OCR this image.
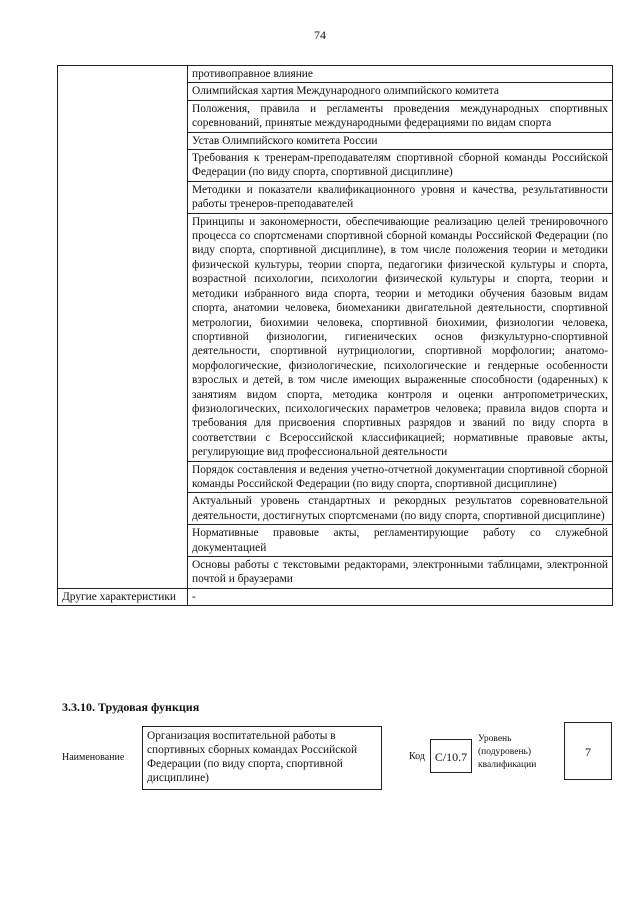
74
	противоправное влияние
	Олимпийская хартия Международного олимпийского комитета
	Положения, правила и регламенты проведения международных спортивных соревнований, принятые международными федерациями по видам спорта
	Устав Олимпийского комитета России
	Требования к тренерам-преподавателям спортивной сборной команды Российской Федерации (по виду спорта, спортивной дисциплине)
	Методики и показатели квалификационного уровня и качества, результативности работы тренеров-преподавателей
	Принципы и закономерности, обеспечивающие реализацию целей тренировочного процесса со спортсменами спортивной сборной команды Российской Федерации (по виду спорта, спортивной дисциплине), в том числе положения теории и методики физической культуры, теории спорта, педагогики физической культуры и спорта, возрастной психологии, психологии физической культуры и спорта, теории и методики избранного вида спорта, теории и методики обучения базовым видам спорта, анатомии человека, биомеханики двигательной деятельности, спортивной метрологии, биохимии человека, спортивной биохимии, физиологии человека, спортивной физиологии, гигиенических основ физкультурно-спортивной деятельности, спортивной нутрициологии, спортивной морфологии; анатомо-морфологические, физиологические, психологические и гендерные особенности взрослых и детей, в том числе имеющих выраженные способности (одаренных) к занятиям видом спорта, методика контроля и оценки антропометрических, физиологических, психологических параметров человека; правила видов спорта и требования для присвоения спортивных разрядов и званий по виду спорта в соответствии с Всероссийской классификацией; нормативные правовые акты, регулирующие вид профессиональной деятельности
	Порядок составления и ведения учетно-отчетной документации спортивной сборной команды Российской Федерации (по виду спорта, спортивной дисциплине)
	Актуальный уровень стандартных и рекордных результатов соревновательной деятельности, достигнутых спортсменами (по виду спорта, спортивной дисциплине)
	Нормативные правовые акты, регламентирующие работу со служебной документацией
	Основы работы с текстовыми редакторами, электронными таблицами, электронной почтой и браузерами
Другие характеристики	-
3.3.10. Трудовая функция
Наименование
Организация воспитательной работы в спортивных сборных командах Российской Федерации (по виду спорта, спортивной дисциплине)
Код С/10.7
Уровень (подуровень) квалификации
7
